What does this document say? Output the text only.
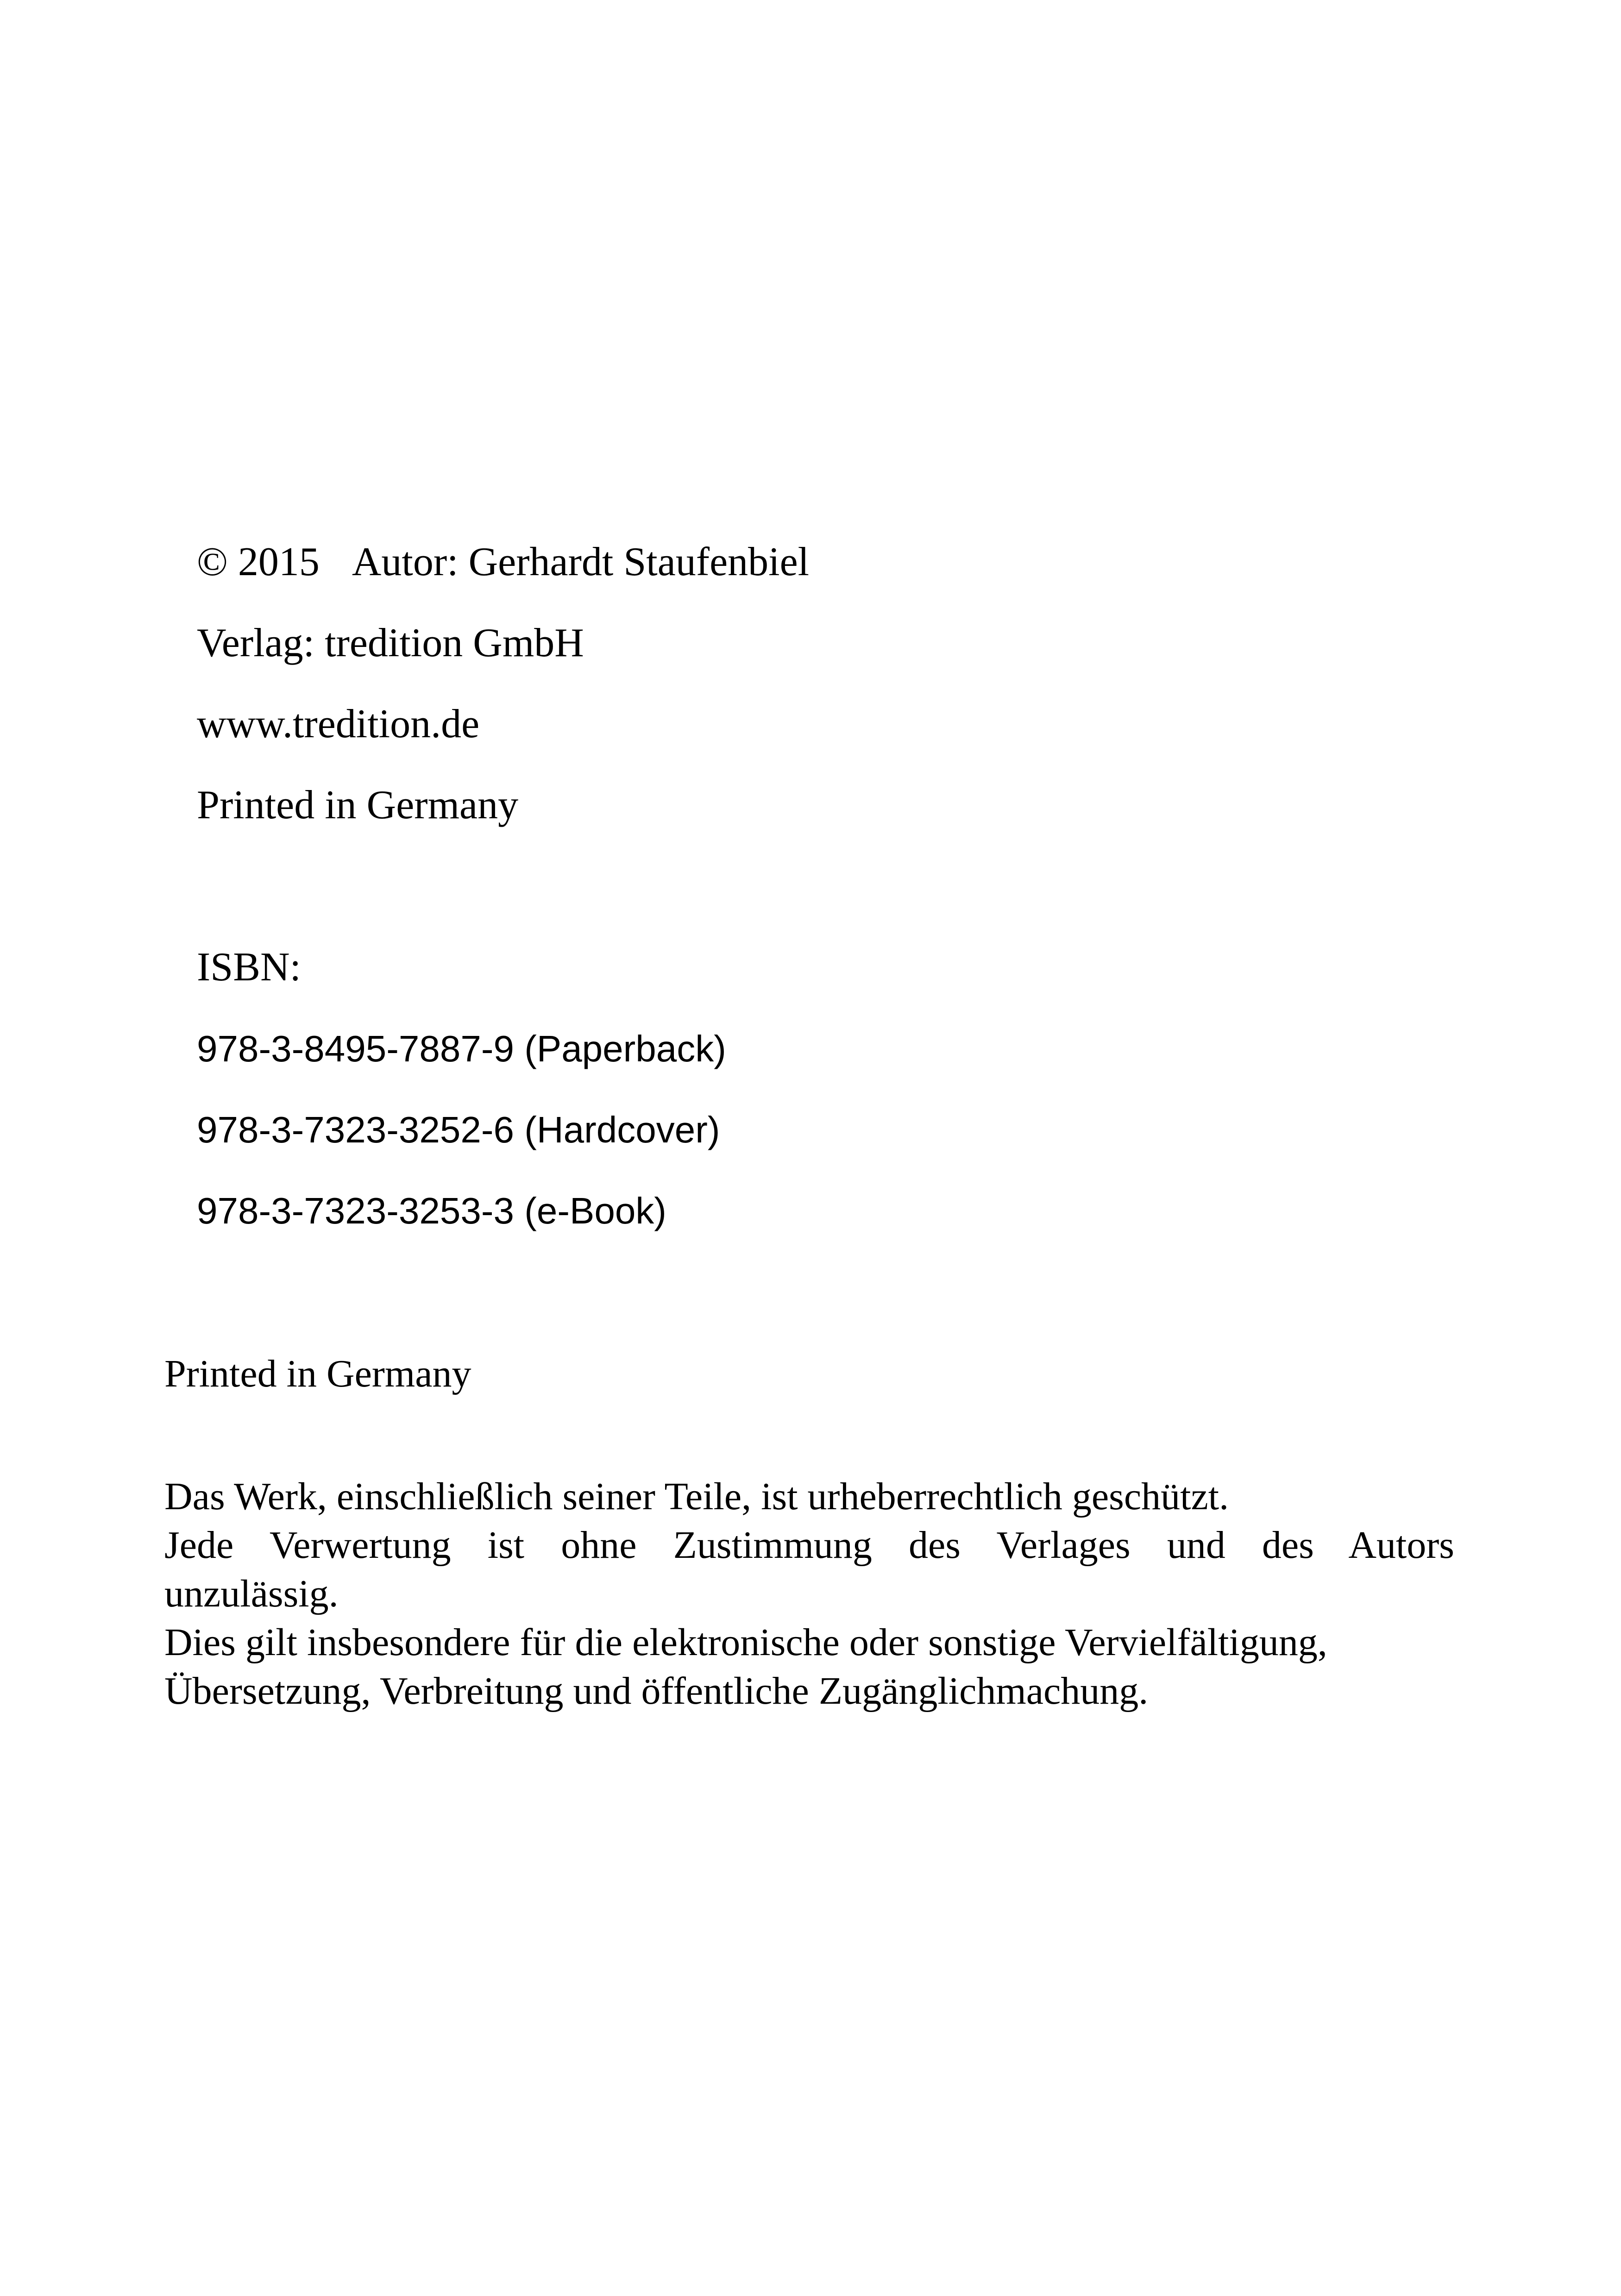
© 2015 Autor: Gerhardt Staufenbiel
Verlag: tredition GmbH
www.tredition.de
Printed in Germany
ISBN:
978-3-8495-7887-9 (Paperback)
978-3-7323-3252-6 (Hardcover)
978-3-7323-3253-3 (e-Book)
Printed in Germany
Das Werk, einschließlich seiner Teile, ist urheberrechtlich geschützt.
Jede Verwertung ist ohne Zustimmung des Verlages und des Autors
unzulässig.
Dies gilt insbesondere für die elektronische oder sonstige Vervielfältigung,
Übersetzung, Verbreitung und öffentliche Zugänglichmachung.
